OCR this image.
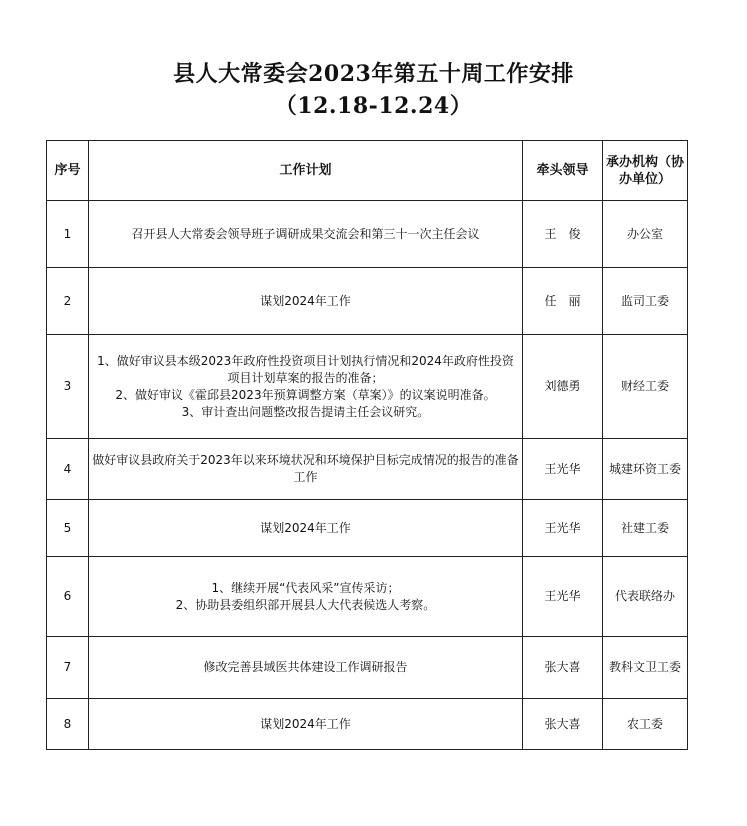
县人大常委会2023年第五十周工作安排
（12.18-12.24）
序号	工作计划	牵头领导	承办机构（协办单位）
1	召开县人大常委会领导班子调研成果交流会和第三十一次主任会议	王　俊	办公室
2	谋划2024年工作	任　丽	监司工委
3	1、做好审议县本级2023年政府性投资项目计划执行情况和2024年政府性投资项目计划草案的报告的准备；
2、做好审议《霍邱县2023年预算调整方案（草案）》的议案说明准备。
3、审计查出问题整改报告提请主任会议研究。	刘德勇	财经工委
4	做好审议县政府关于2023年以来环境状况和环境保护目标完成情况的报告的准备工作	王光华	城建环资工委
5	谋划2024年工作	王光华	社建工委
6	1、继续开展“代表风采”宣传采访；
2、协助县委组织部开展县人大代表候选人考察。	王光华	代表联络办
7	修改完善县域医共体建设工作调研报告	张大喜	教科文卫工委
8	谋划2024年工作	张大喜	农工委
